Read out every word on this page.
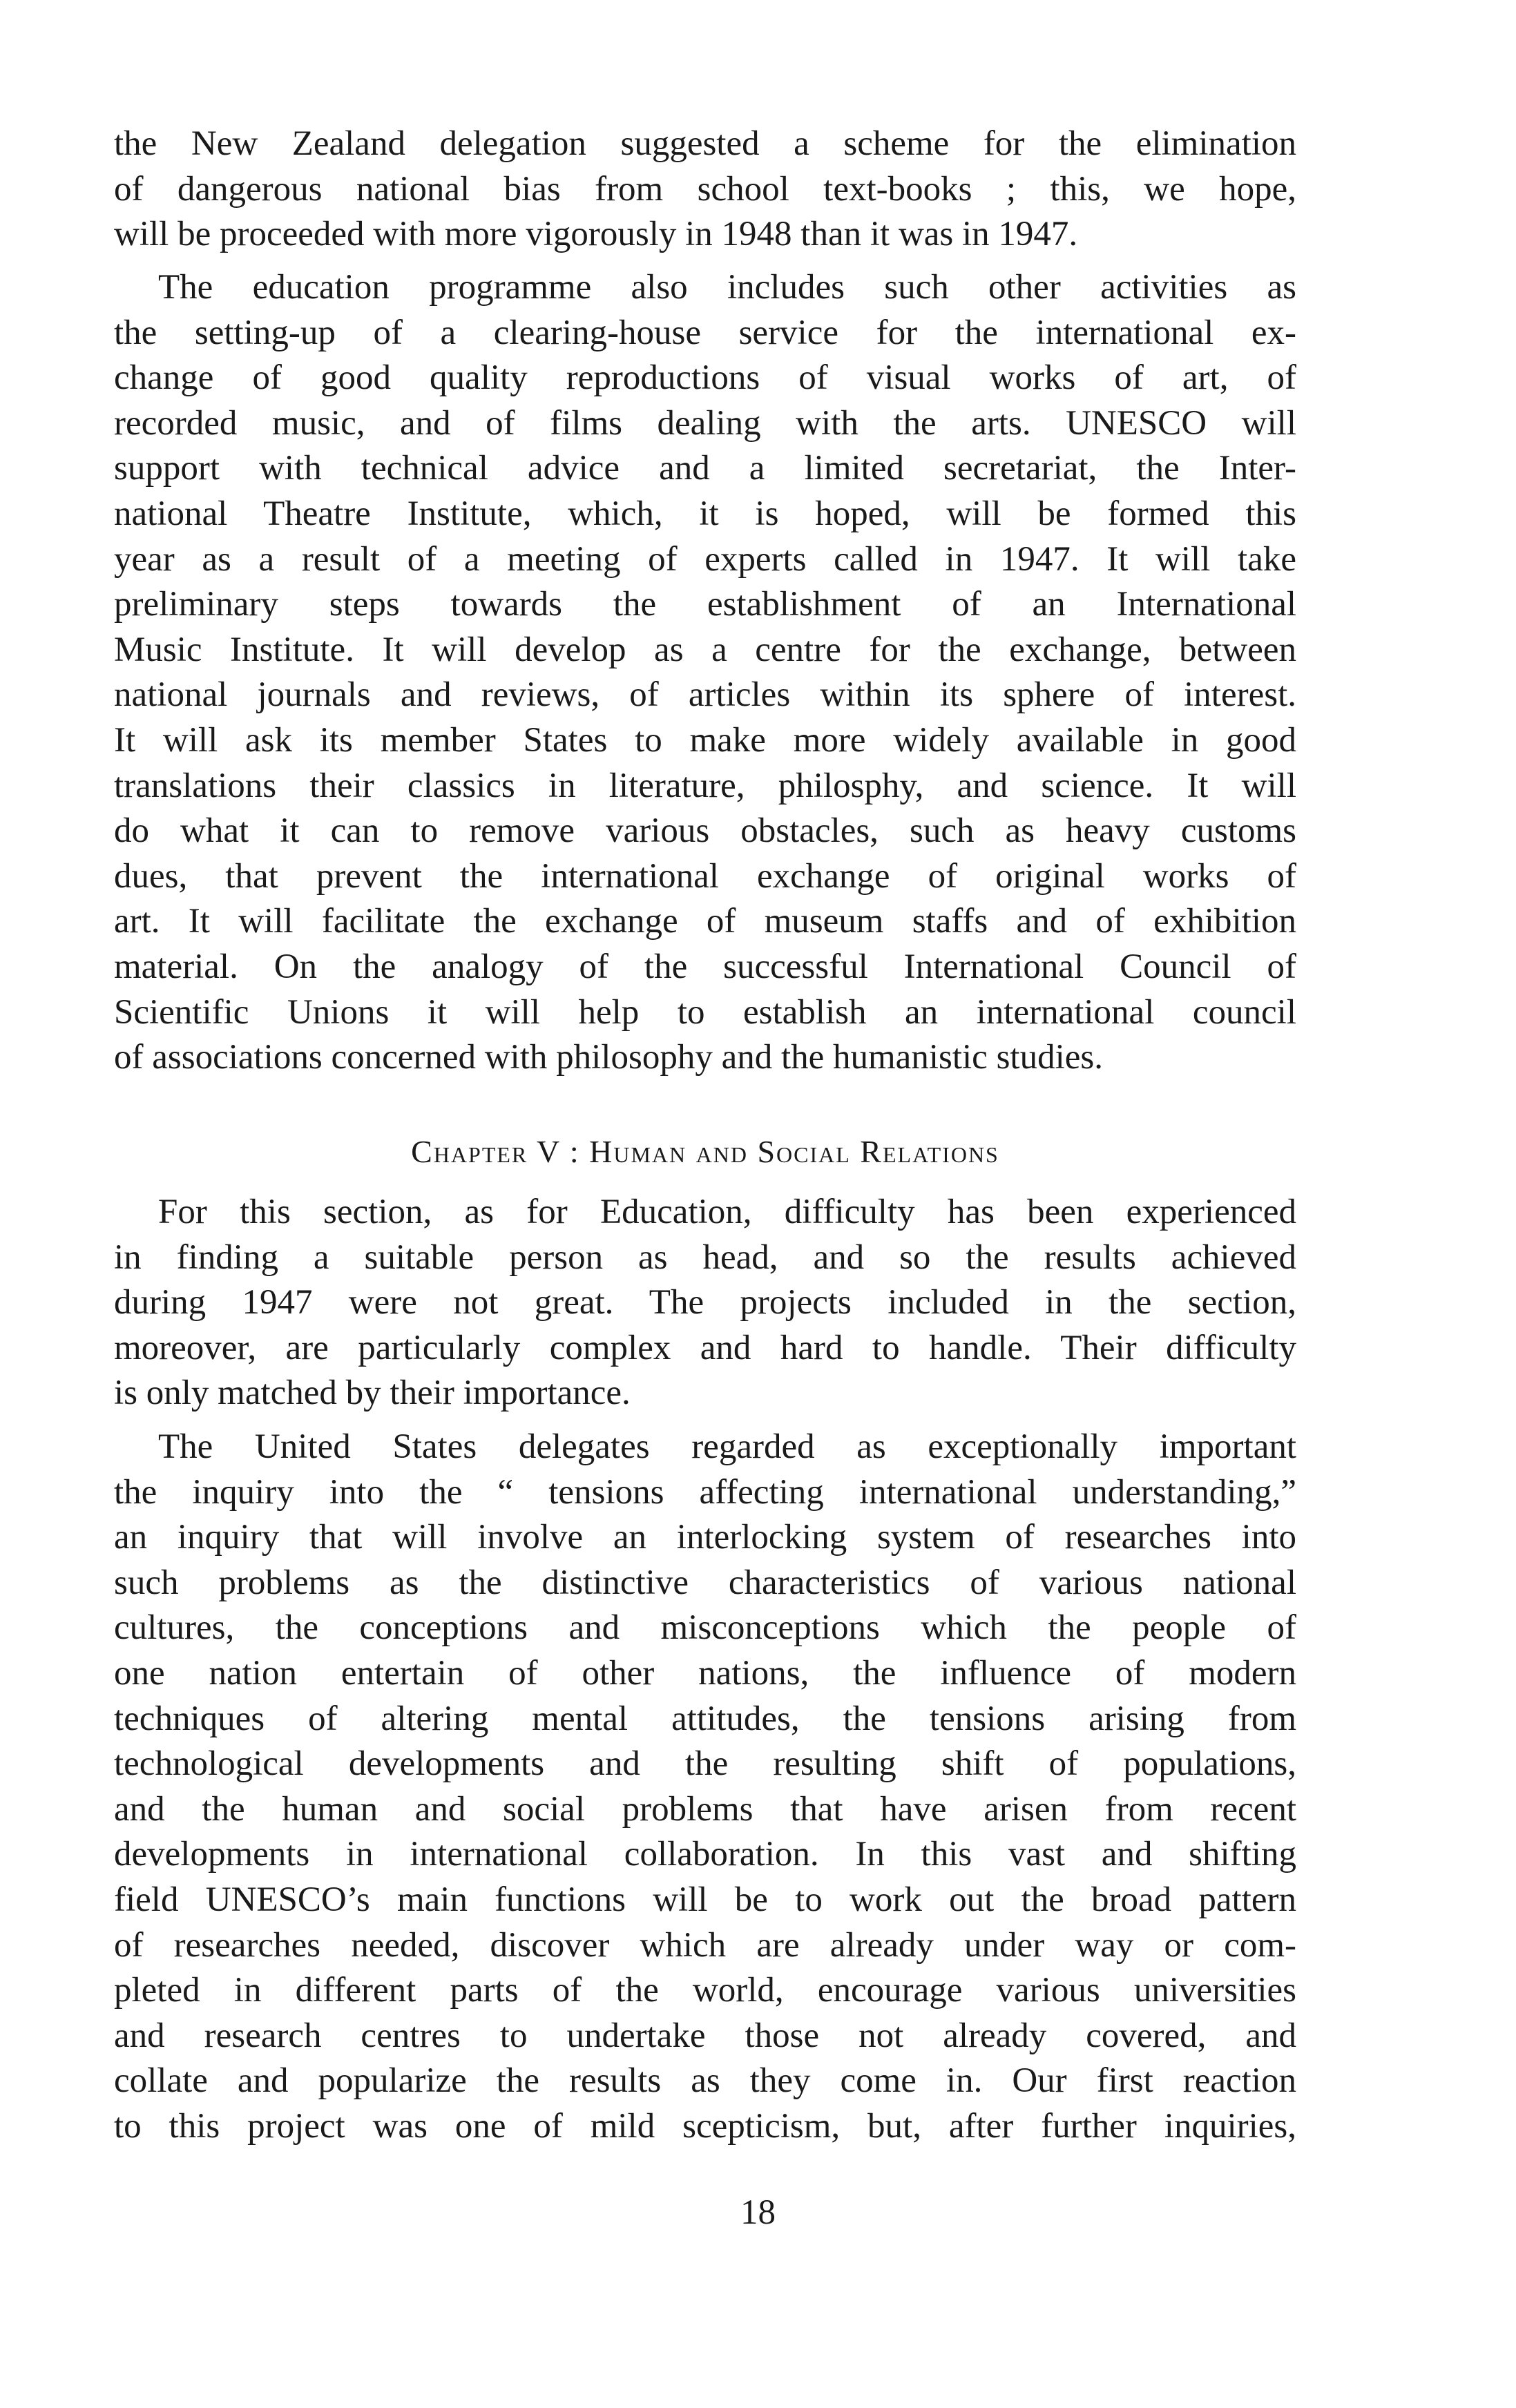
the New Zealand delegation suggested a scheme for the elimination
of dangerous national bias from school text-books ; this, we hope,
will be proceeded with more vigorously in 1948 than it was in 1947.
The education programme also includes such other activities as
the setting-up of a clearing-house service for the international ex-
change of good quality reproductions of visual works of art, of
recorded music, and of films dealing with the arts. UNESCO will
support with technical advice and a limited secretariat, the Inter-
national Theatre Institute, which, it is hoped, will be formed this
year as a result of a meeting of experts called in 1947. It will take
preliminary steps towards the establishment of an International
Music Institute. It will develop as a centre for the exchange, between
national journals and reviews, of articles within its sphere of interest.
It will ask its member States to make more widely available in good
translations their classics in literature, philosphy, and science. It will
do what it can to remove various obstacles, such as heavy customs
dues, that prevent the international exchange of original works of
art. It will facilitate the exchange of museum staffs and of exhibition
material. On the analogy of the successful International Council of
Scientific Unions it will help to establish an international council
of associations concerned with philosophy and the humanistic studies.
Chapter V : Human and Social Relations
For this section, as for Education, difficulty has been experienced
in finding a suitable person as head, and so the results achieved
during 1947 were not great. The projects included in the section,
moreover, are particularly complex and hard to handle. Their difficulty
is only matched by their importance.
The United States delegates regarded as exceptionally important
the inquiry into the “ tensions affecting international understanding,”
an inquiry that will involve an interlocking system of researches into
such problems as the distinctive characteristics of various national
cultures, the conceptions and misconceptions which the people of
one nation entertain of other nations, the influence of modern
techniques of altering mental attitudes, the tensions arising from
technological developments and the resulting shift of populations,
and the human and social problems that have arisen from recent
developments in international collaboration. In this vast and shifting
field UNESCO’s main functions will be to work out the broad pattern
of researches needed, discover which are already under way or com-
pleted in different parts of the world, encourage various universities
and research centres to undertake those not already covered, and
collate and popularize the results as they come in. Our first reaction
to this project was one of mild scepticism, but, after further inquiries,
18
